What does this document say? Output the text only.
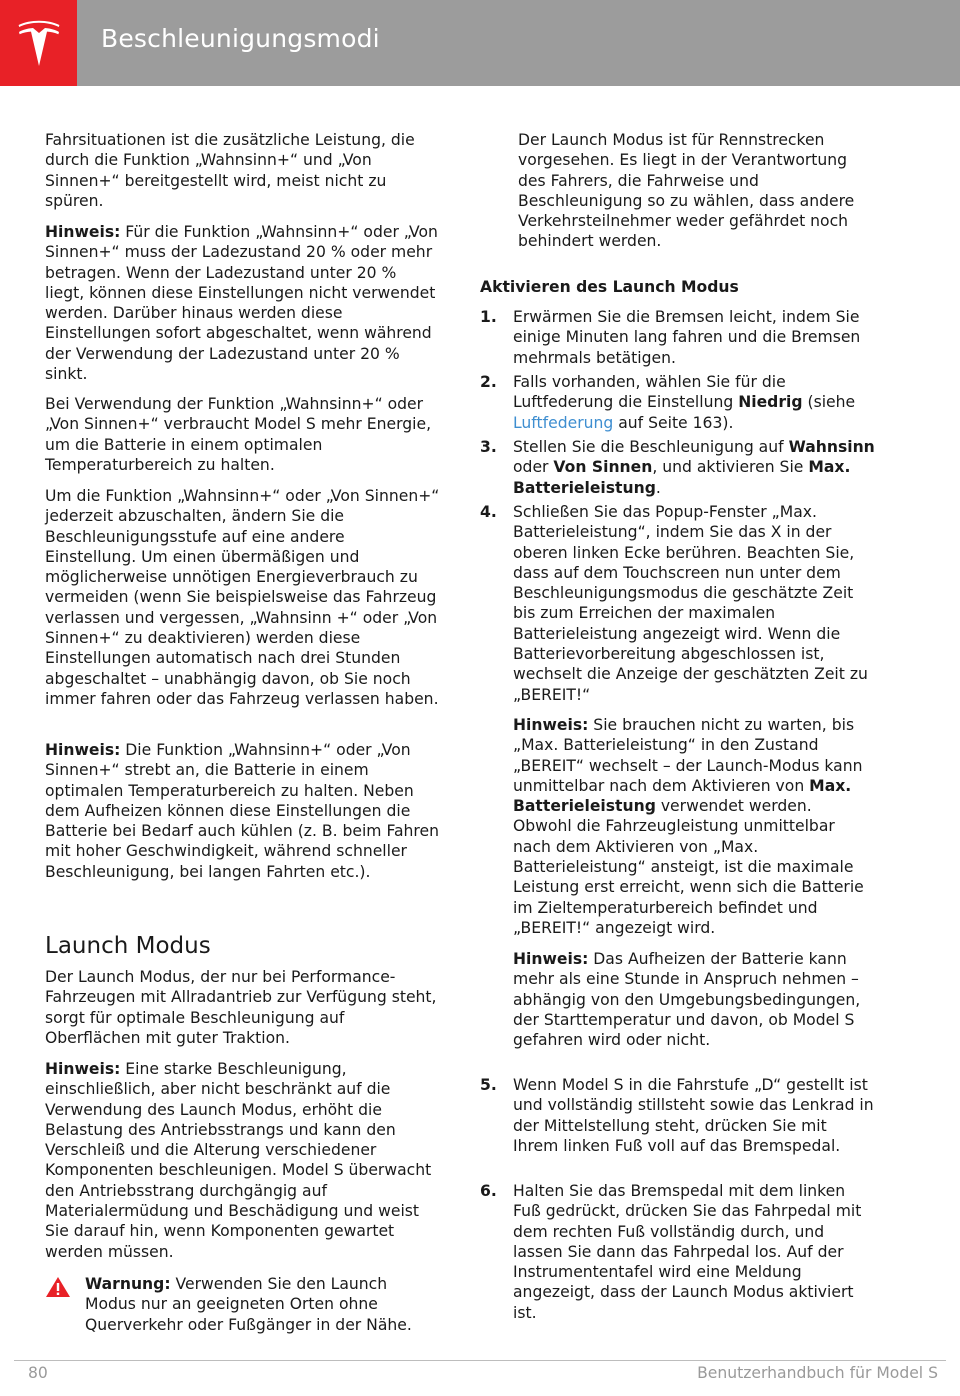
Beschleunigungsmodi
Fahrsituationen ist die zusätzliche Leistung, die durch die Funktion „Wahnsinn+“ und „Von Sinnen+“ bereitgestellt wird, meist nicht zu spüren.
Hinweis: Für die Funktion „Wahnsinn+“ oder „Von Sinnen+“ muss der Ladezustand 20 % oder mehr betragen. Wenn der Ladezustand unter 20 % liegt, können diese Einstellungen nicht verwendet werden. Darüber hinaus werden diese Einstellungen sofort abgeschaltet, wenn während der Verwendung der Ladezustand unter 20 % sinkt.
Bei Verwendung der Funktion „Wahnsinn+“ oder „Von Sinnen+“ verbraucht Model S mehr Energie, um die Batterie in einem optimalen Temperaturbereich zu halten.
Um die Funktion „Wahnsinn+“ oder „Von Sinnen+“ jederzeit abzuschalten, ändern Sie die Beschleunigungsstufe auf eine andere Einstellung. Um einen übermäßigen und möglicherweise unnötigen Energieverbrauch zu vermeiden (wenn Sie beispielsweise das Fahrzeug verlassen und vergessen, „Wahnsinn +“ oder „Von Sinnen+“ zu deaktivieren) werden diese Einstellungen automatisch nach drei Stunden abgeschaltet – unabhängig davon, ob Sie noch immer fahren oder das Fahrzeug verlassen haben.
Hinweis: Die Funktion „Wahnsinn+“ oder „Von Sinnen+“ strebt an, die Batterie in einem optimalen Temperaturbereich zu halten. Neben dem Aufheizen können diese Einstellungen die Batterie bei Bedarf auch kühlen (z. B. beim Fahren mit hoher Geschwindigkeit, während schneller Beschleunigung, bei langen Fahrten etc.).
Launch Modus
Der Launch Modus, der nur bei Performance-Fahrzeugen mit Allradantrieb zur Verfügung steht, sorgt für optimale Beschleunigung auf Oberflächen mit guter Traktion.
Hinweis: Eine starke Beschleunigung, einschließlich, aber nicht beschränkt auf die Verwendung des Launch Modus, erhöht die Belastung des Antriebsstrangs und kann den Verschleiß und die Alterung verschiedener Komponenten beschleunigen. Model S überwacht den Antriebsstrang durchgängig auf Materialermüdung und Beschädigung und weist Sie darauf hin, wenn Komponenten gewartet werden müssen.
Warnung: Verwenden Sie den Launch Modus nur an geeigneten Orten ohne Querverkehr oder Fußgänger in der Nähe.
Der Launch Modus ist für Rennstrecken vorgesehen. Es liegt in der Verantwortung des Fahrers, die Fahrweise und Beschleunigung so zu wählen, dass andere Verkehrsteilnehmer weder gefährdet noch behindert werden.
Aktivieren des Launch Modus
1. Erwärmen Sie die Bremsen leicht, indem Sie einige Minuten lang fahren und die Bremsen mehrmals betätigen.
2. Falls vorhanden, wählen Sie für die Luftfederung die Einstellung Niedrig (siehe Luftfederung auf Seite 163).
3. Stellen Sie die Beschleunigung auf Wahnsinn oder Von Sinnen, und aktivieren Sie Max. Batterieleistung.
4. Schließen Sie das Popup-Fenster „Max. Batterieleistung“, indem Sie das X in der oberen linken Ecke berühren. Beachten Sie, dass auf dem Touchscreen nun unter dem Beschleunigungsmodus die geschätzte Zeit bis zum Erreichen der maximalen Batterieleistung angezeigt wird. Wenn die Batterievorbereitung abgeschlossen ist, wechselt die Anzeige der geschätzten Zeit zu „BEREIT!“
Hinweis: Sie brauchen nicht zu warten, bis „Max. Batterieleistung“ in den Zustand „BEREIT“ wechselt – der Launch-Modus kann unmittelbar nach dem Aktivieren von Max. Batterieleistung verwendet werden. Obwohl die Fahrzeugleistung unmittelbar nach dem Aktivieren von „Max. Batterieleistung“ ansteigt, ist die maximale Leistung erst erreicht, wenn sich die Batterie im Zieltemperaturbereich befindet und „BEREIT!“ angezeigt wird.
Hinweis: Das Aufheizen der Batterie kann mehr als eine Stunde in Anspruch nehmen – abhängig von den Umgebungsbedingungen, der Starttemperatur und davon, ob Model S gefahren wird oder nicht.
5. Wenn Model S in die Fahrstufe „D“ gestellt ist und vollständig stillsteht sowie das Lenkrad in der Mittelstellung steht, drücken Sie mit Ihrem linken Fuß voll auf das Bremspedal.
6. Halten Sie das Bremspedal mit dem linken Fuß gedrückt, drücken Sie das Fahrpedal mit dem rechten Fuß vollständig durch, und lassen Sie dann das Fahrpedal los. Auf der Instrumententafel wird eine Meldung angezeigt, dass der Launch Modus aktiviert ist.
80	Benutzerhandbuch für Model S
